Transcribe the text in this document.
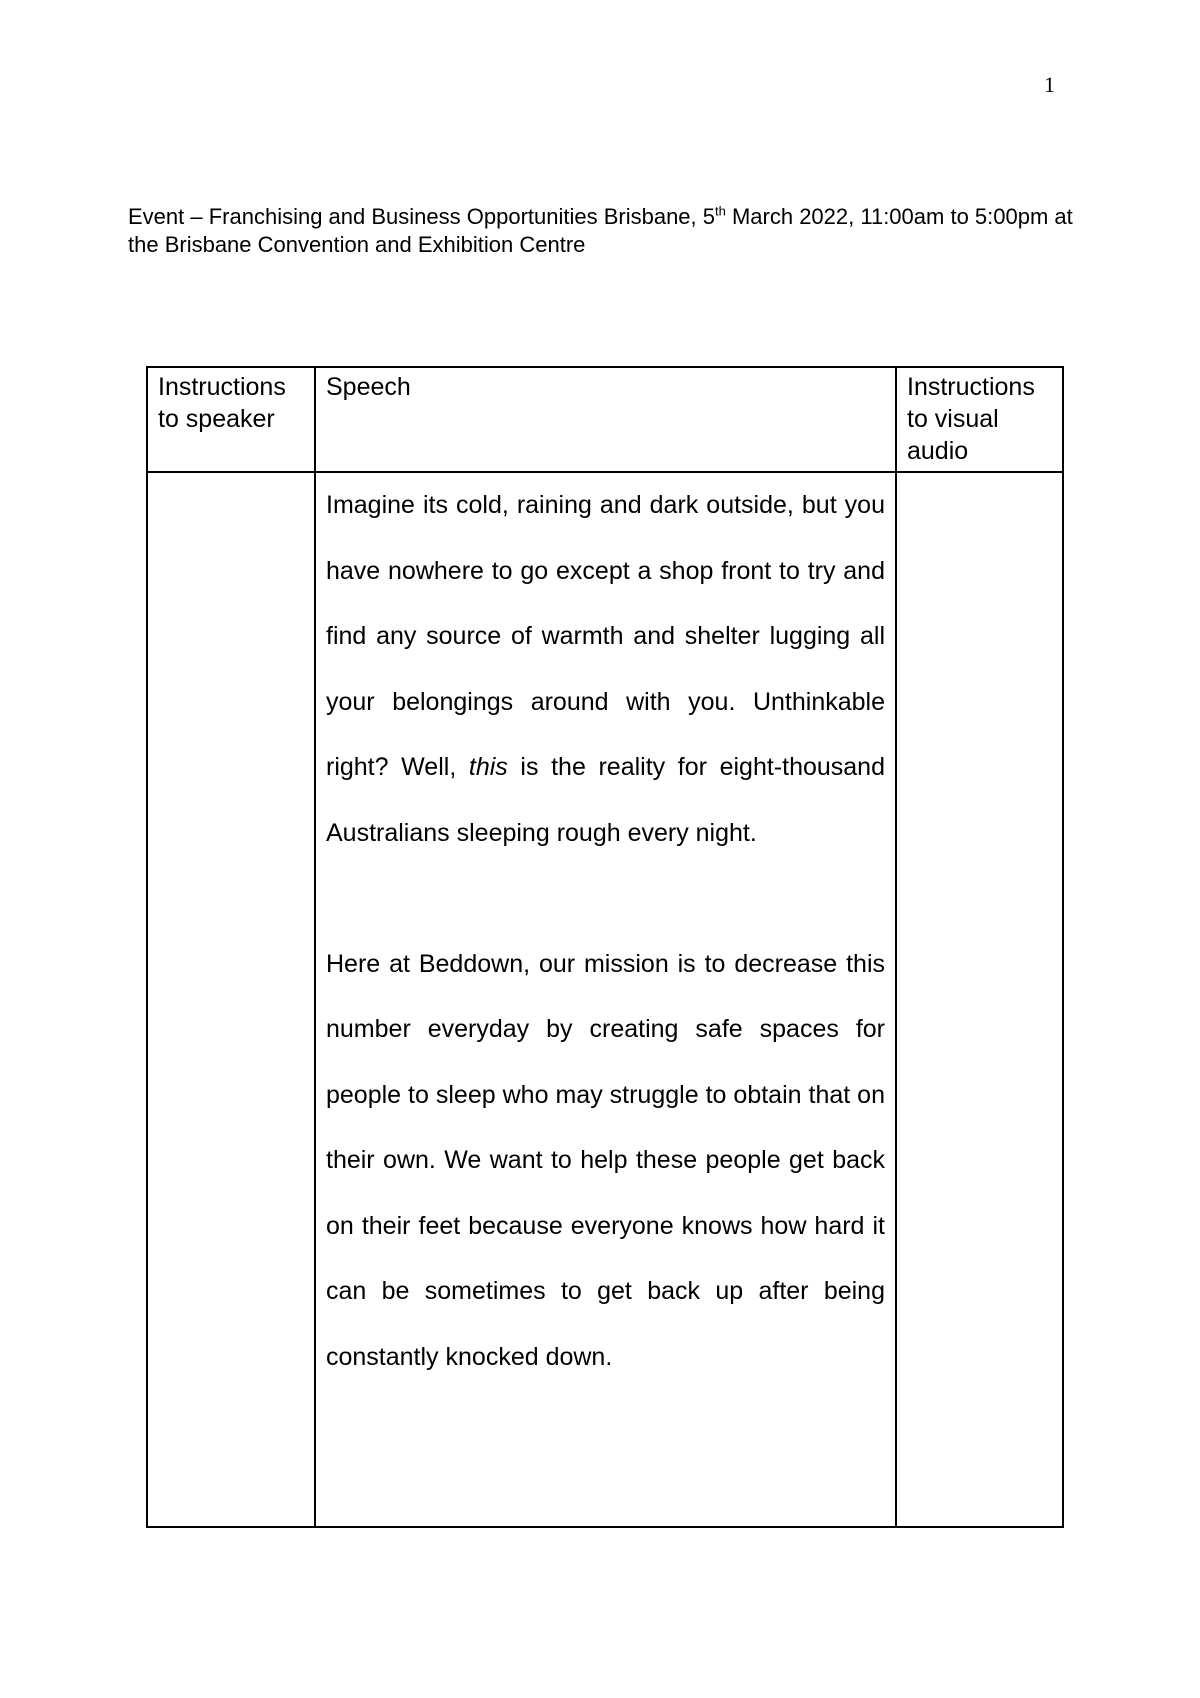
1
Event – Franchising and Business Opportunities Brisbane, 5th March 2022, 11:00am to 5:00pm at the Brisbane Convention and Exhibition Centre
Instructions to speaker	Speech	Instructions to visual audio

	Imagine its cold, raining and dark outside, but you have nowhere to go except a shop front to try and find any source of warmth and shelter lugging all your belongings around with you. Unthinkable right? Well, this is the reality for eight-thousand Australians sleeping rough every night.

Here at Beddown, our mission is to decrease this number everyday by creating safe spaces for people to sleep who may struggle to obtain that on their own. We want to help these people get back on their feet because everyone knows how hard it can be sometimes to get back up after being constantly knocked down.	
